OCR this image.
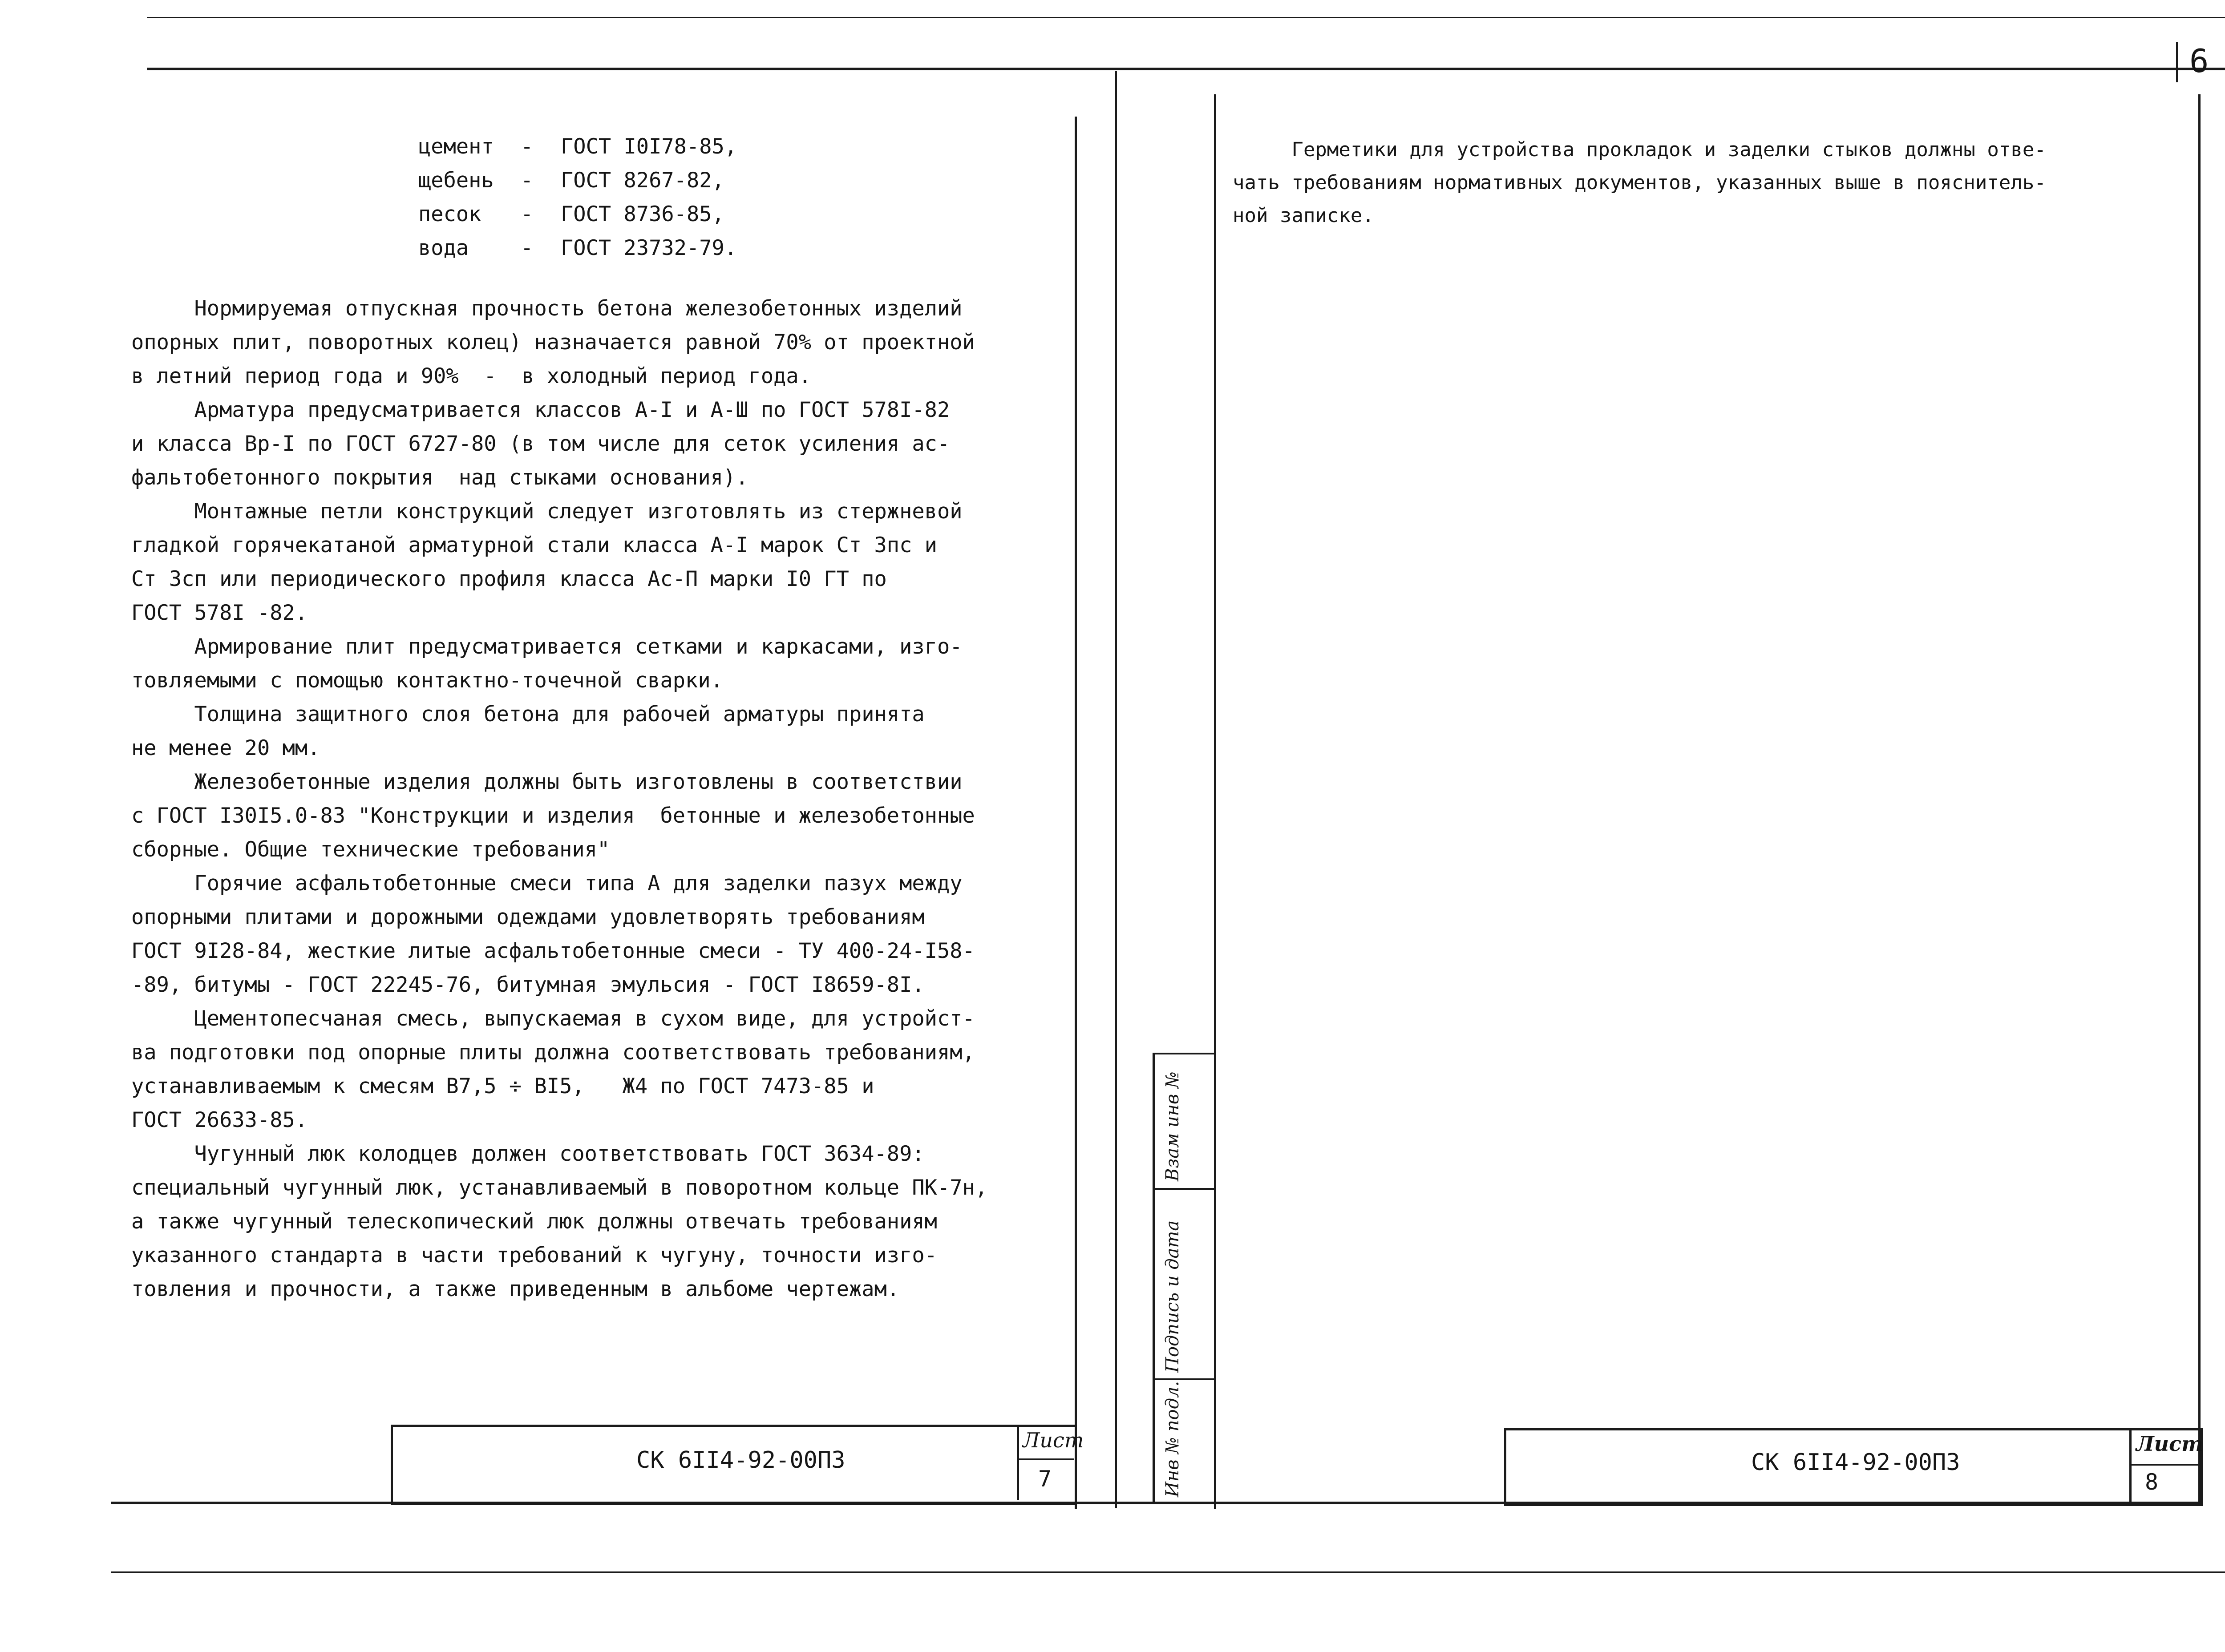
Взам инв №
Подпись и дата
Инв № подл.
6
цемент - ГОСТ I0I78-85,
щебень - ГОСТ 8267-82,
песок - ГОСТ 8736-85,
вода - ГОСТ 23732-79.
Нормируемая отпускная прочность бетона железобетонных изделий
опорных плит, поворотных колец) назначается равной 70% от проектной
в летний период года и 90%  -  в холодный период года.
Арматура предусматривается классов А-I и А-Ш по ГОСТ 578I-82
и класса Вр-I по ГОСТ 6727-80 (в том числе для сеток усиления ас-
фальтобетонного покрытия  над стыками основания).
Монтажные петли конструкций следует изготовлять из стержневой
гладкой горячекатаной арматурной стали класса А-I марок Ст 3пс и
Ст 3сп или периодического профиля класса Ас-П марки I0 ГТ по
ГОСТ 578I -82.
Армирование плит предусматривается сетками и каркасами, изго-
товляемыми с помощью контактно-точечной сварки.
Толщина защитного слоя бетона для рабочей арматуры принята
не менее 20 мм.
Железобетонные изделия должны быть изготовлены в соответствии
с ГОСТ I30I5.0-83 "Конструкции и изделия  бетонные и железобетонные
сборные. Общие технические требования"
Горячие асфальтобетонные смеси типа А для заделки пазух между
опорными плитами и дорожными одеждами удовлетворять требованиям
ГОСТ 9I28-84, жесткие литые асфальтобетонные смеси - ТУ 400-24-I58-
-89, битумы - ГОСТ 22245-76, битумная эмульсия - ГОСТ I8659-8I.
Цементопесчаная смесь, выпускаемая в сухом виде, для устройст-
ва подготовки под опорные плиты должна соответствовать требованиям,
устанавливаемым к смесям В7,5 ÷ ВI5,   Ж4 по ГОСТ 7473-85 и
ГОСТ 26633-85.
Чугунный люк колодцев должен соответствовать ГОСТ 3634-89:
специальный чугунный люк, устанавливаемый в поворотном кольце ПК-7н,
а также чугунный телескопический люк должны отвечать требованиям
указанного стандарта в части требований к чугуну, точности изго-
товления и прочности, а также приведенным в альбоме чертежам.
Герметики для устройства прокладок и заделки стыков должны отве-
чать требованиям нормативных документов, указанных выше в пояснитель-
ной записке.
СК 6II4-92-00ПЗ
Лист
7
СК 6II4-92-00ПЗ
Лист
8
